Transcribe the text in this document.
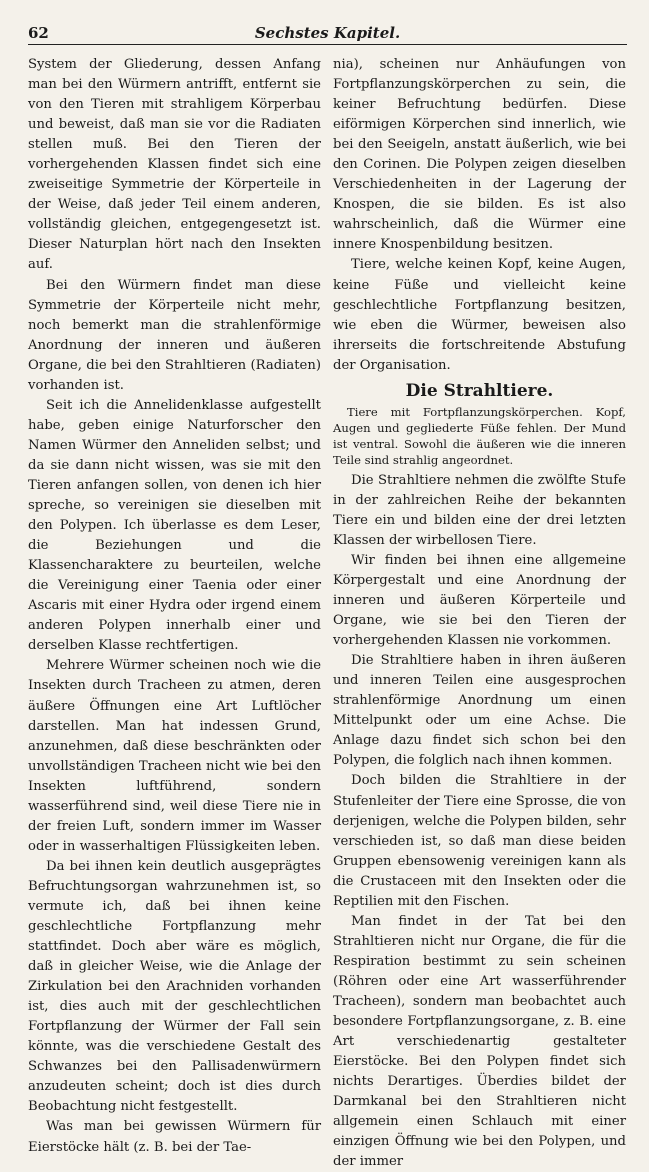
62	Sechstes Kapitel.

System der Gliederung, dessen Anfang man bei den Würmern antrifft, entfernt sie von den Tieren mit strahligem Körperbau und beweist, daß man sie vor die Radiaten stellen muß. Bei den Tieren der vorhergehenden Klassen findet sich eine zweiseitige Symmetrie der Körperteile in der Weise, daß jeder Teil einem anderen, vollständig gleichen, entgegengesetzt ist. Dieser Naturplan hört nach den Insekten auf.

Bei den Würmern findet man diese Symmetrie der Körperteile nicht mehr, noch bemerkt man die strahlenförmige Anordnung der inneren und äußeren Organe, die bei den Strahltieren (Radiaten) vorhanden ist.

Seit ich die Annelidenklasse aufgestellt habe, geben einige Naturforscher den Namen Würmer den Anneliden selbst; und da sie dann nicht wissen, was sie mit den Tieren anfangen sollen, von denen ich hier spreche, so vereinigen sie dieselben mit den Polypen. Ich überlasse es dem Leser, die Beziehungen und die Klassencharaktere zu beurteilen, welche die Vereinigung einer Taenia oder einer Ascaris mit einer Hydra oder irgend einem anderen Polypen innerhalb einer und derselben Klasse rechtfertigen.

Mehrere Würmer scheinen noch wie die Insekten durch Tracheen zu atmen, deren äußere Öffnungen eine Art Luftlöcher darstellen. Man hat indessen Grund, anzunehmen, daß diese beschränkten oder unvollständigen Tracheen nicht wie bei den Insekten luftführend, sondern wasserführend sind, weil diese Tiere nie in der freien Luft, sondern immer im Wasser oder in wasserhaltigen Flüssigkeiten leben.

Da bei ihnen kein deutlich ausgeprägtes Befruchtungsorgan wahrzunehmen ist, so vermute ich, daß bei ihnen keine geschlechtliche Fortpflanzung mehr stattfindet. Doch aber wäre es möglich, daß in gleicher Weise, wie die Anlage der Zirkulation bei den Arachniden vorhanden ist, dies auch mit der geschlechtlichen Fortpflanzung der Würmer der Fall sein könnte, was die verschiedene Gestalt des Schwanzes bei den Pallisadenwürmern anzudeuten scheint; doch ist dies durch Beobachtung nicht festgestellt.

Was man bei gewissen Würmern für Eierstöcke hält (z. B. bei der Tae-

nia), scheinen nur Anhäufungen von Fortpflanzungskörperchen zu sein, die keiner Befruchtung bedürfen. Diese eiförmigen Körperchen sind innerlich, wie bei den Seeigeln, anstatt äußerlich, wie bei den Corinen. Die Polypen zeigen dieselben Verschiedenheiten in der Lagerung der Knospen, die sie bilden. Es ist also wahrscheinlich, daß die Würmer eine innere Knospenbildung besitzen.

Tiere, welche keinen Kopf, keine Augen, keine Füße und vielleicht keine geschlechtliche Fortpflanzung besitzen, wie eben die Würmer, beweisen also ihrerseits die fortschreitende Abstufung der Organisation.

Die Strahltiere.

Tiere mit Fortpflanzungskörperchen. Kopf, Augen und gegliederte Füße fehlen. Der Mund ist ventral. Sowohl die äußeren wie die inneren Teile sind strahlig angeordnet.

Die Strahltiere nehmen die zwölfte Stufe in der zahlreichen Reihe der bekannten Tiere ein und bilden eine der drei letzten Klassen der wirbellosen Tiere.

Wir finden bei ihnen eine allgemeine Körpergestalt und eine Anordnung der inneren und äußeren Körperteile und Organe, wie sie bei den Tieren der vorhergehenden Klassen nie vorkommen.

Die Strahltiere haben in ihren äußeren und inneren Teilen eine ausgesprochen strahlenförmige Anordnung um einen Mittelpunkt oder um eine Achse. Die Anlage dazu findet sich schon bei den Polypen, die folglich nach ihnen kommen.

Doch bilden die Strahltiere in der Stufenleiter der Tiere eine Sprosse, die von derjenigen, welche die Polypen bilden, sehr verschieden ist, so daß man diese beiden Gruppen ebensowenig vereinigen kann als die Crustaceen mit den Insekten oder die Reptilien mit den Fischen.

Man findet in der Tat bei den Strahltieren nicht nur Organe, die für die Respiration bestimmt zu sein scheinen (Röhren oder eine Art wasserführender Tracheen), sondern man beobachtet auch besondere Fortpflanzungsorgane, z. B. eine Art verschiedenartig gestalteter Eierstöcke. Bei den Polypen findet sich nichts Derartiges. Überdies bildet der Darmkanal bei den Strahltieren nicht allgemein einen Schlauch mit einer einzigen Öffnung wie bei den Polypen, und der immer
